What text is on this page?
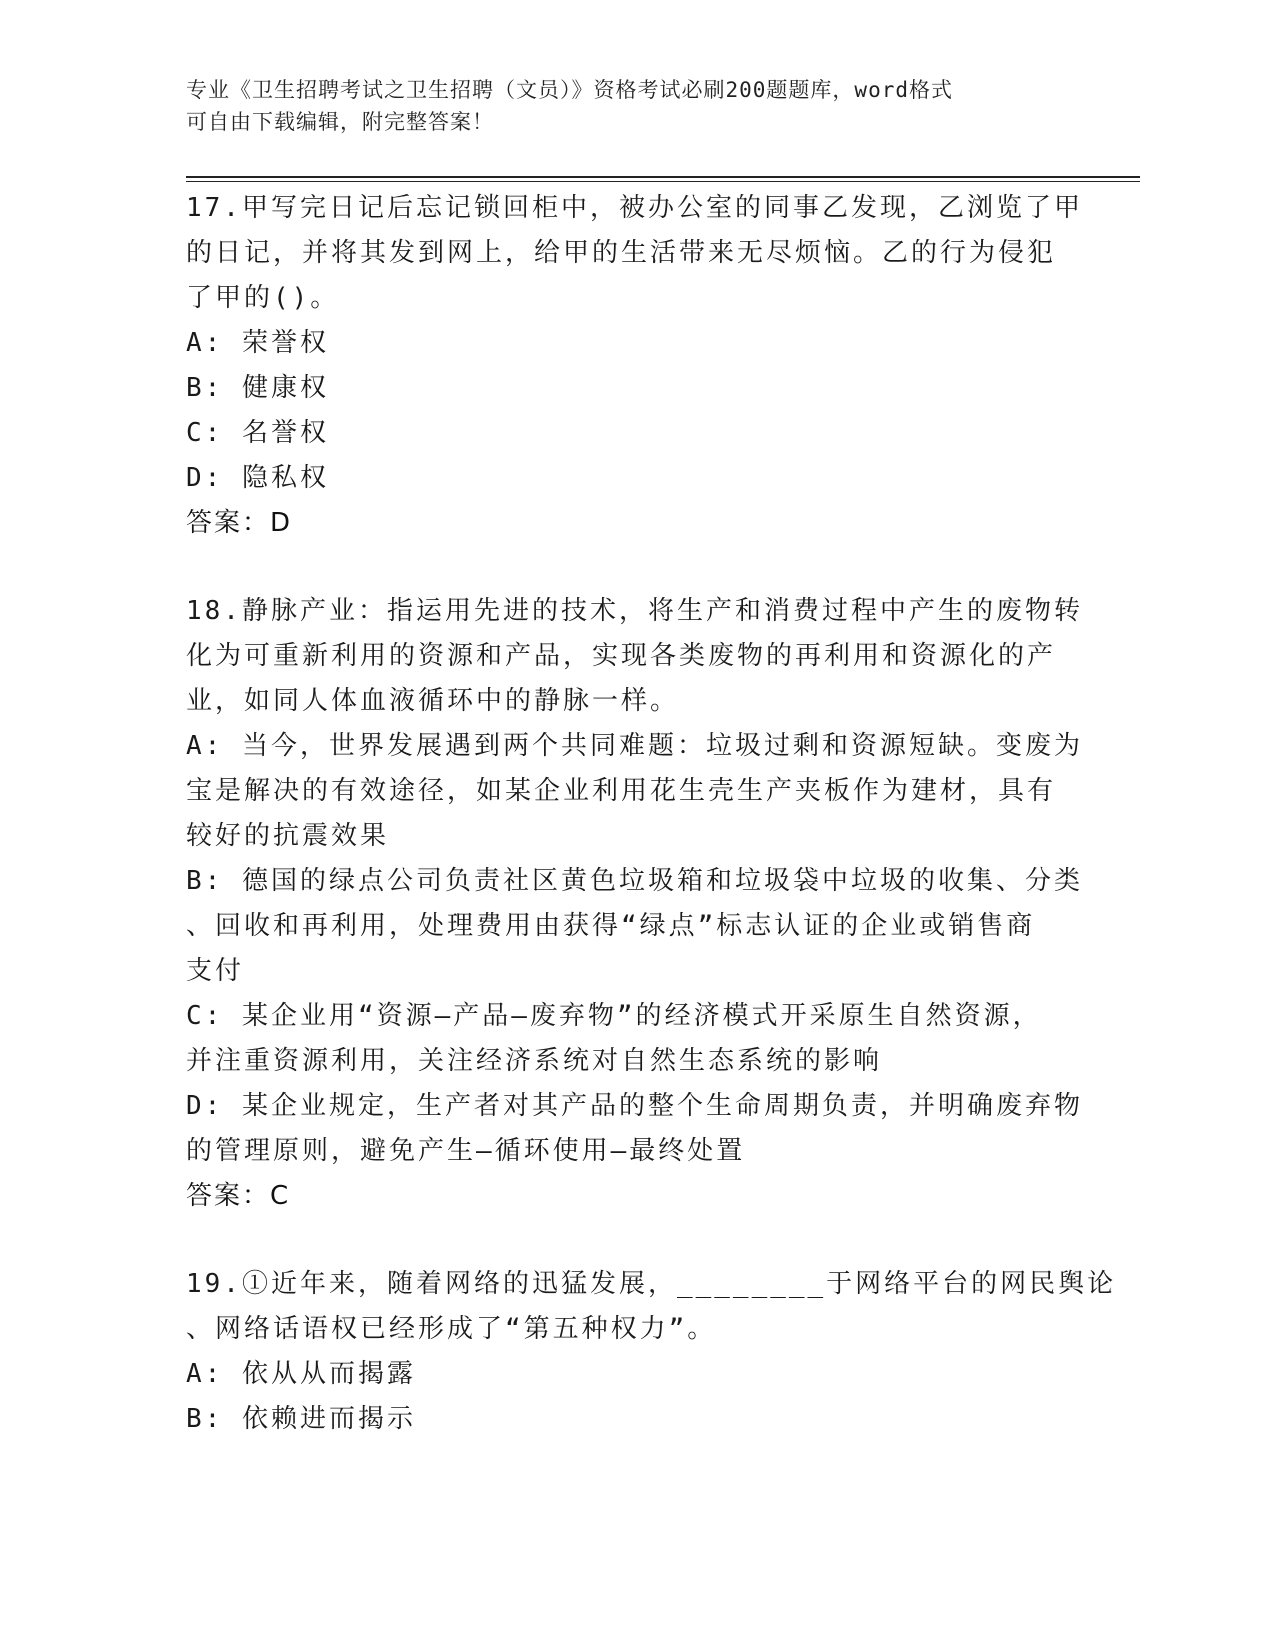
专业《卫生招聘考试之卫生招聘（文员）》资格考试必刷200题题库，word格式
可自由下载编辑，附完整答案！
17.甲写完日记后忘记锁回柜中，被办公室的同事乙发现，乙浏览了甲
的日记，并将其发到网上，给甲的生活带来无尽烦恼。乙的行为侵犯
了甲的()。
A: 荣誉权
B: 健康权
C: 名誉权
D: 隐私权
答案：D
18.静脉产业：指运用先进的技术，将生产和消费过程中产生的废物转
化为可重新利用的资源和产品，实现各类废物的再利用和资源化的产
业，如同人体血液循环中的静脉一样。
A: 当今，世界发展遇到两个共同难题：垃圾过剩和资源短缺。变废为
宝是解决的有效途径，如某企业利用花生壳生产夹板作为建材，具有
较好的抗震效果
B: 德国的绿点公司负责社区黄色垃圾箱和垃圾袋中垃圾的收集、分类
、回收和再利用，处理费用由获得“绿点”标志认证的企业或销售商
支付
C: 某企业用“资源—产品—废弃物”的经济模式开采原生自然资源，
并注重资源利用，关注经济系统对自然生态系统的影响
D: 某企业规定，生产者对其产品的整个生命周期负责，并明确废弃物
的管理原则，避免产生—循环使用—最终处置
答案：C
19.①近年来，随着网络的迅猛发展，________于网络平台的网民舆论
、网络话语权已经形成了“第五种权力”。
A: 依从从而揭露
B: 依赖进而揭示
